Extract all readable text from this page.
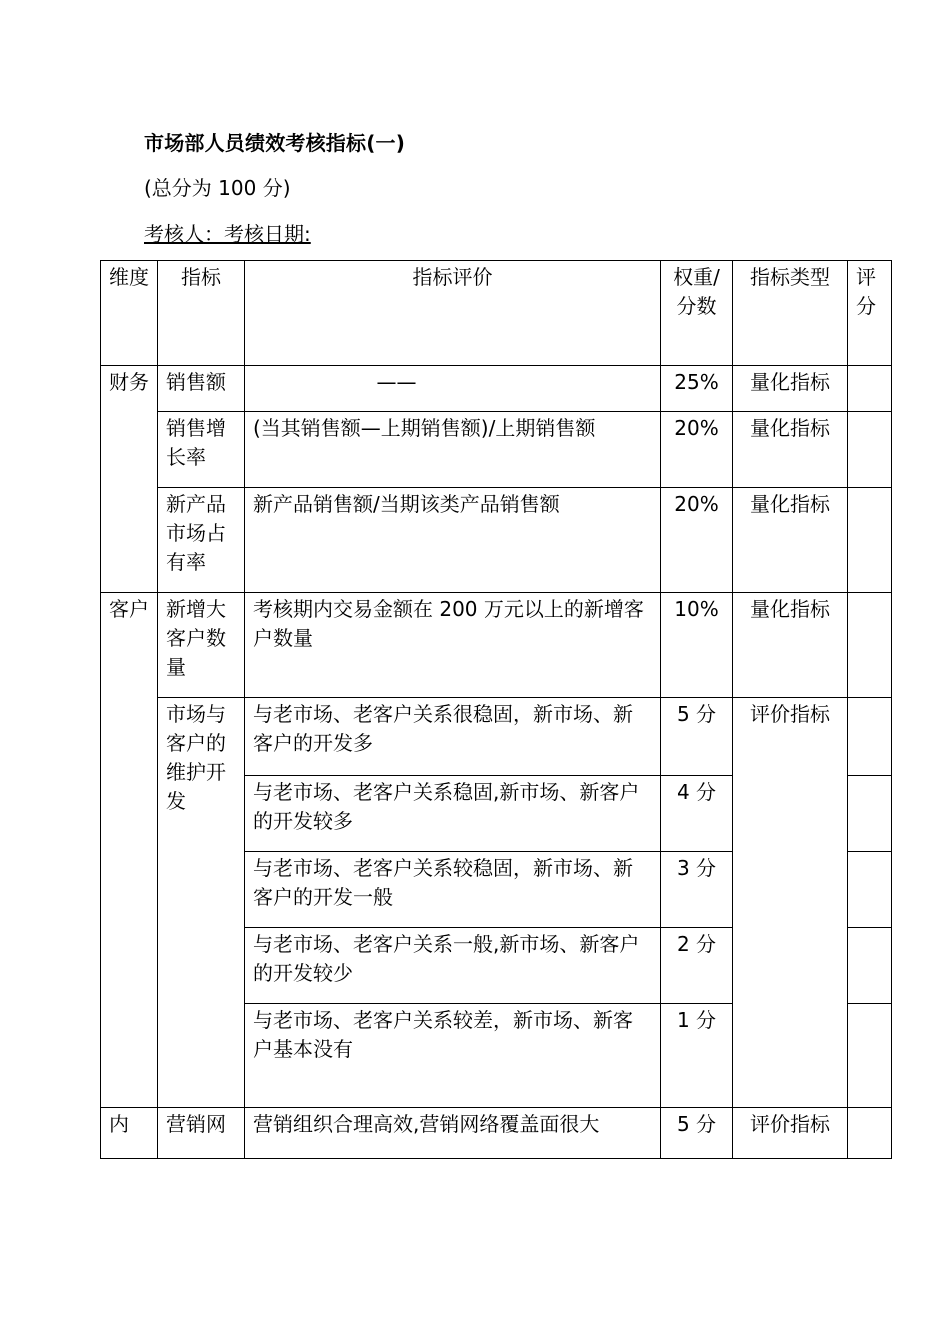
市场部人员绩效考核指标(一)
(总分为 100 分)
考核人：考核日期:
维度	指标	指标评价	权重/分数	指标类型	评分
财务	销售额	——	25%	量化指标	
	销售增长率	(当其销售额—上期销售额)/上期销售额	20%	量化指标	
	新产品市场占有率	新产品销售额/当期该类产品销售额	20%	量化指标	
客户	新增大客户数量	考核期内交易金额在 200 万元以上的新增客户数量	10%	量化指标	
	市场与客户的维护开发	与老市场、老客户关系很稳固，新市场、新客户的开发多	5 分	评价指标	
		与老市场、老客户关系稳固,新市场、新客户的开发较多	4 分		
		与老市场、老客户关系较稳固，新市场、新客户的开发一般	3 分		
		与老市场、老客户关系一般,新市场、新客户的开发较少	2 分		
		与老市场、老客户关系较差，新市场、新客户基本没有	1 分		
内	营销网	营销组织合理高效,营销网络覆盖面很大	5 分	评价指标	
